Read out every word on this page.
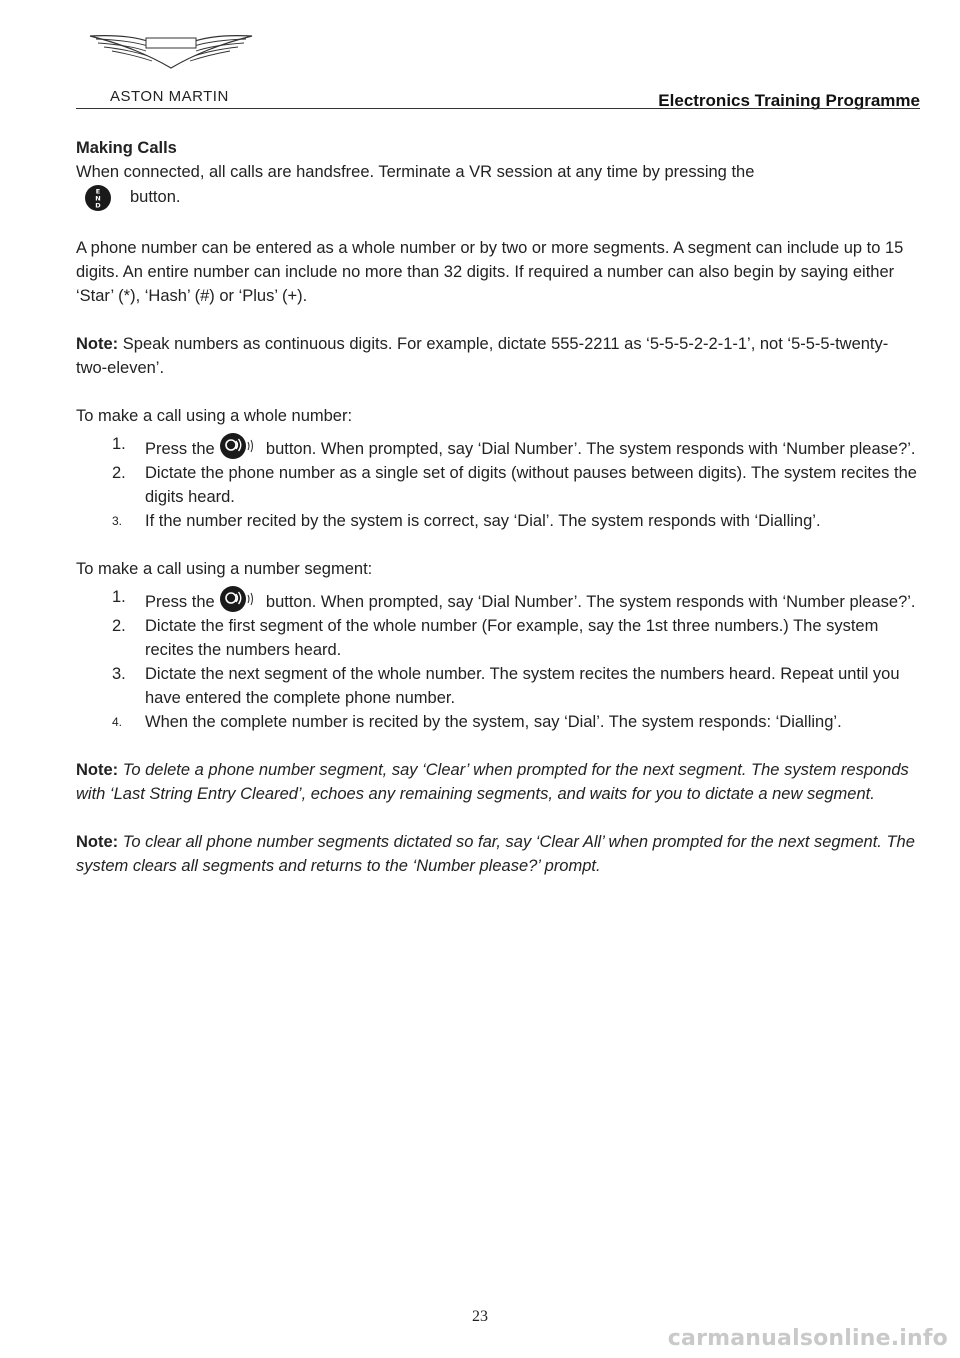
ASTON MARTIN	Electronics Training Programme

Making Calls

When connected, all calls are handsfree. Terminate a VR session at any time by pressing the

E
N
D button.

A phone number can be entered as a whole number or by two or more segments. A segment can include up to 15 digits. An entire number can include no more than 32 digits. If required a number can also begin by saying either ‘Star’ (*), ‘Hash’ (#) or ‘Plus’ (+).

Note: Speak numbers as continuous digits. For example, dictate 555-2211 as ‘5-5-5-2-2-1-1’, not ‘5-5-5-twenty-two-eleven’.

To make a call using a whole number:

1. Press the	button. When prompted, say ‘Dial Number’. The system responds with ‘Number please?’.
2. Dictate the phone number as a single set of digits (without pauses between digits). The system recites the digits heard.
3. If the number recited by the system is correct, say ‘Dial’. The system responds with ‘Dialling’.

To make a call using a number segment:

1. Press the	button. When prompted, say ‘Dial Number’. The system responds with ‘Number please?’.
2. Dictate the first segment of the whole number (For example, say the 1st three numbers.) The system recites the numbers heard.
3. Dictate the next segment of the whole number. The system recites the numbers heard. Repeat until you have entered the complete phone number.
4. When the complete number is recited by the system, say ‘Dial’. The system responds: ‘Dialling’.

Note: To delete a phone number segment, say ‘Clear’ when prompted for the next segment. The system responds with ‘Last String Entry Cleared’, echoes any remaining segments, and waits for you to dictate a new segment.

Note: To clear all phone number segments dictated so far, say ‘Clear All’ when prompted for the next segment. The system clears all segments and returns to the ‘Number please?’ prompt.

23
carmanualsonline.info
